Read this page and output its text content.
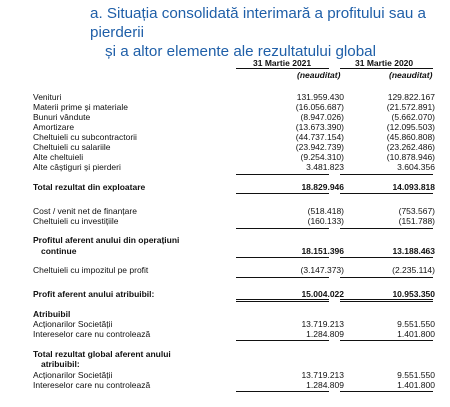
a. Situația consolidată interimară a profitului sau a pierderii
și a altor elemente ale rezultatului global
31 Martie 2021	31 Martie 2020
(neauditat)	(neauditat)
Venituri	131.959.430	129.822.167
Materii prime și materiale	(16.056.687)	(21.572.891)
Bunuri vândute	(8.947.026)	(5.662.070)
Amortizare	(13.673.390)	(12.095.503)
Cheltuieli cu subcontractorii	(44.737.154)	(45.860.808)
Cheltuieli cu salariile	(23.942.739)	(23.262.486)
Alte cheltuieli	(9.254.310)	(10.878.946)
Alte câștiguri și pierderi	3.481.823	3.604.356
Total rezultat din exploatare	18.829.946	14.093.818
Cost / venit net de finanțare	(518.418)	(753.567)
Cheltuieli cu investițiile	(160.133)	(151.788)
Profitul aferent anului din operațiuni
continue	18.151.396	13.188.463
Cheltuieli cu impozitul pe profit	(3.147.373)	(2.235.114)
Profit aferent anului atribuibil:	15.004.022	10.953.350
Atribuibil
Acționarilor Societății	13.719.213	9.551.550
Intereselor care nu controlează	1.284.809	1.401.800
Total rezultat global aferent anului
atribuibil:
Acționarilor Societății	13.719.213	9.551.550
Intereselor care nu controlează	1.284.809	1.401.800
